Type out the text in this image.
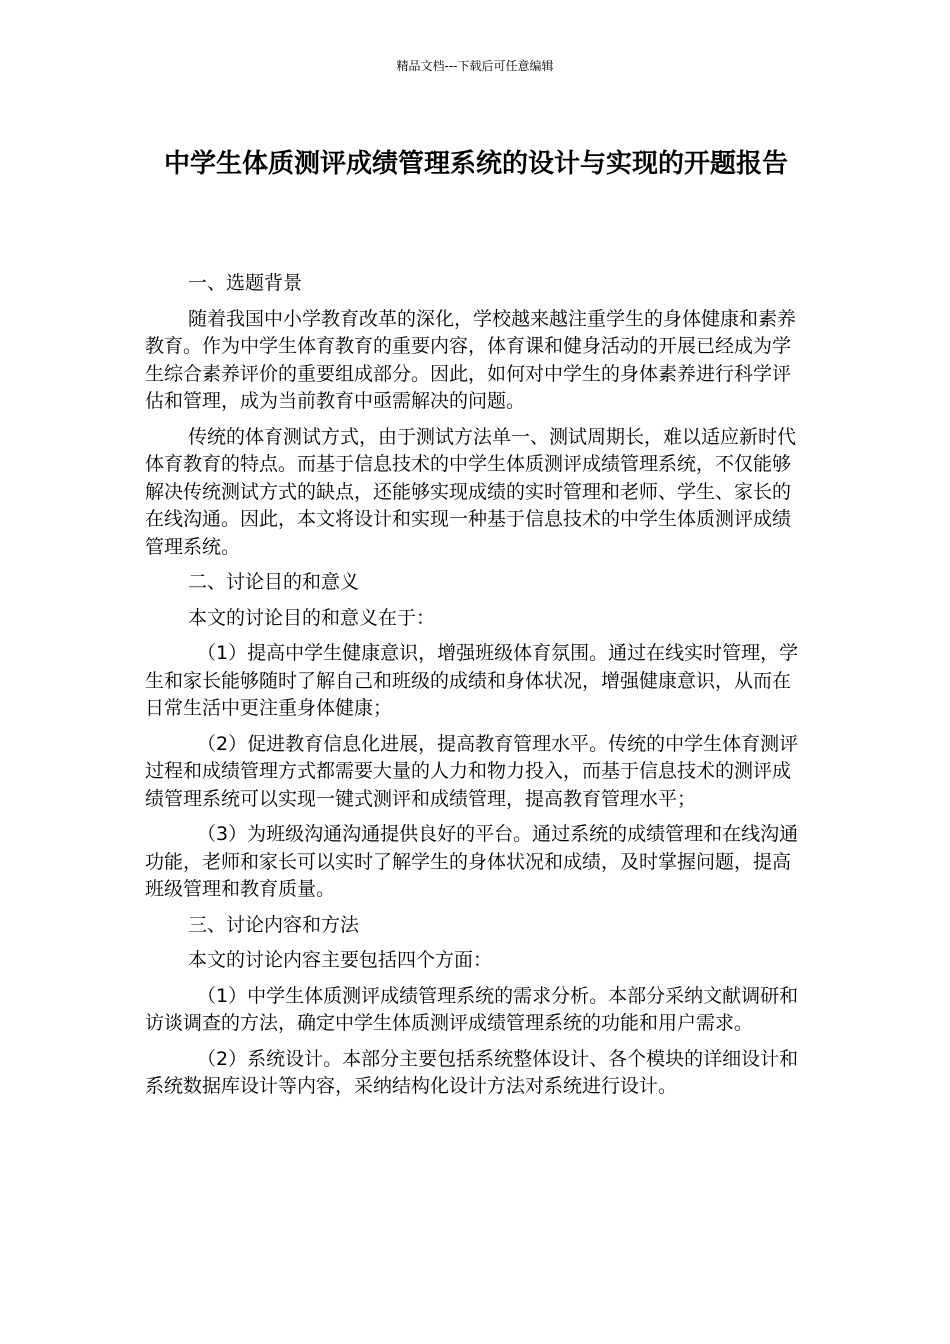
精品文档---下载后可任意编辑
中学生体质测评成绩管理系统的设计与实现的开题报告

一、选题背景

随着我国中小学教育改革的深化，学校越来越注重学生的身体健康和素养教育。作为中学生体育教育的重要内容，体育课和健身活动的开展已经成为学生综合素养评价的重要组成部分。因此，如何对中学生的身体素养进行科学评估和管理，成为当前教育中亟需解决的问题。

传统的体育测试方式，由于测试方法单一、测试周期长，难以适应新时代体育教育的特点。而基于信息技术的中学生体质测评成绩管理系统，不仅能够解决传统测试方式的缺点，还能够实现成绩的实时管理和老师、学生、家长的在线沟通。因此，本文将设计和实现一种基于信息技术的中学生体质测评成绩管理系统。

二、讨论目的和意义

本文的讨论目的和意义在于：

（1）提高中学生健康意识，增强班级体育氛围。通过在线实时管理，学生和家长能够随时了解自己和班级的成绩和身体状况，增强健康意识，从而在日常生活中更注重身体健康；

（2）促进教育信息化进展，提高教育管理水平。传统的中学生体育测评过程和成绩管理方式都需要大量的人力和物力投入，而基于信息技术的测评成绩管理系统可以实现一键式测评和成绩管理，提高教育管理水平；

（3）为班级沟通沟通提供良好的平台。通过系统的成绩管理和在线沟通功能，老师和家长可以实时了解学生的身体状况和成绩，及时掌握问题，提高班级管理和教育质量。

三、讨论内容和方法

本文的讨论内容主要包括四个方面：

（1）中学生体质测评成绩管理系统的需求分析。本部分采纳文献调研和访谈调查的方法，确定中学生体质测评成绩管理系统的功能和用户需求。

（2）系统设计。本部分主要包括系统整体设计、各个模块的详细设计和系统数据库设计等内容，采纳结构化设计方法对系统进行设计。
